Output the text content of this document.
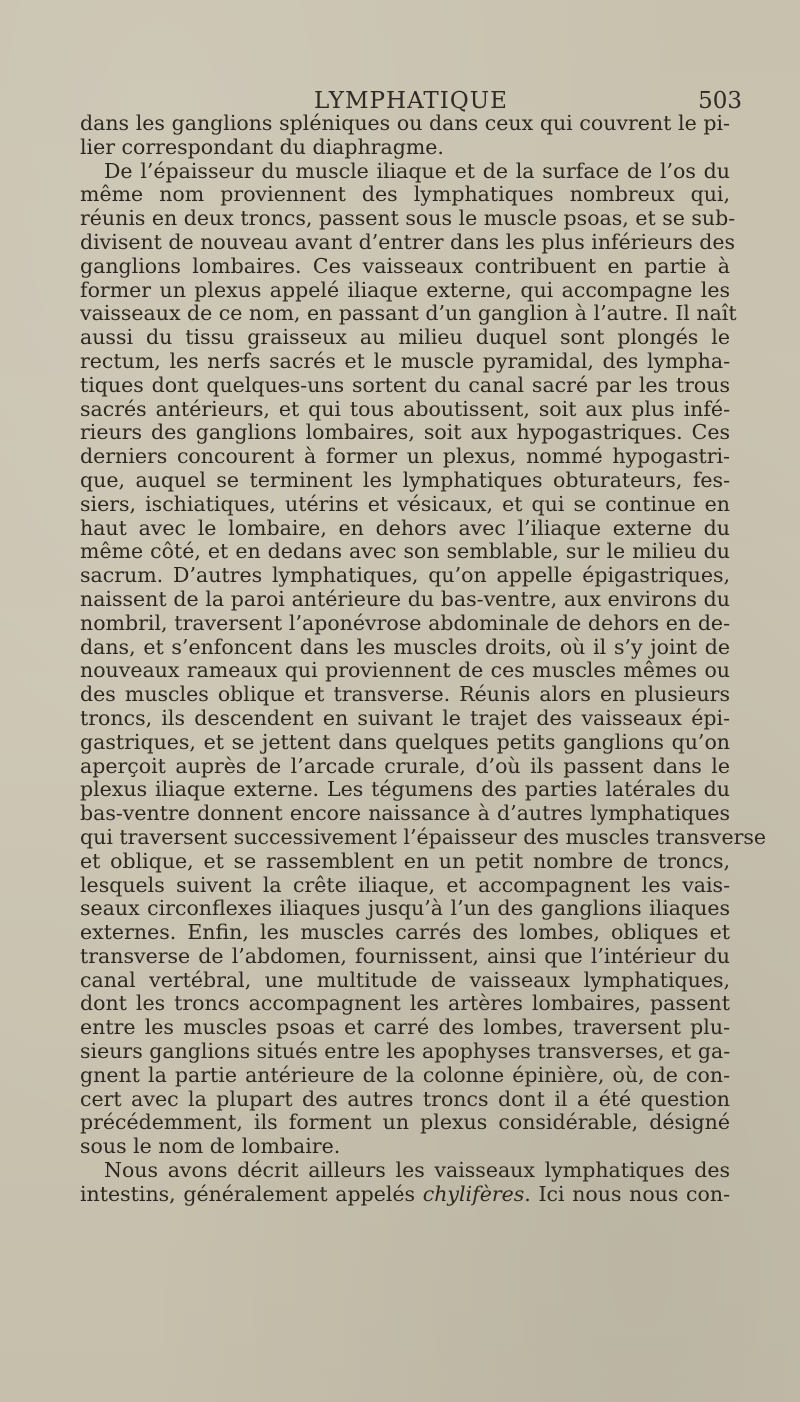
LYMPHATIQUE	503
dans les ganglions spléniques ou dans ceux qui couvrent le pi-
lier correspondant du diaphragme.
De l’épaisseur du muscle iliaque et de la surface de l’os du
même nom proviennent des lymphatiques nombreux qui,
réunis en deux troncs, passent sous le muscle psoas, et se sub-
divisent de nouveau avant d’entrer dans les plus inférieurs des
ganglions lombaires. Ces vaisseaux contribuent en partie à
former un plexus appelé iliaque externe, qui accompagne les
vaisseaux de ce nom, en passant d’un ganglion à l’autre. Il naît
aussi du tissu graisseux au milieu duquel sont plongés le
rectum, les nerfs sacrés et le muscle pyramidal, des lympha-
tiques dont quelques-uns sortent du canal sacré par les trous
sacrés antérieurs, et qui tous aboutissent, soit aux plus infé-
rieurs des ganglions lombaires, soit aux hypogastriques. Ces
derniers concourent à former un plexus, nommé hypogastri-
que, auquel se terminent les lymphatiques obturateurs, fes-
siers, ischiatiques, utérins et vésicaux, et qui se continue en
haut avec le lombaire, en dehors avec l’iliaque externe du
même côté, et en dedans avec son semblable, sur le milieu du
sacrum. D’autres lymphatiques, qu’on appelle épigastriques,
naissent de la paroi antérieure du bas-ventre, aux environs du
nombril, traversent l’aponévrose abdominale de dehors en de-
dans, et s’enfoncent dans les muscles droits, où il s’y joint de
nouveaux rameaux qui proviennent de ces muscles mêmes ou
des muscles oblique et transverse. Réunis alors en plusieurs
troncs, ils descendent en suivant le trajet des vaisseaux épi-
gastriques, et se jettent dans quelques petits ganglions qu’on
aperçoit auprès de l’arcade crurale, d’où ils passent dans le
plexus iliaque externe. Les tégumens des parties latérales du
bas-ventre donnent encore naissance à d’autres lymphatiques
qui traversent successivement l’épaisseur des muscles transverse
et oblique, et se rassemblent en un petit nombre de troncs,
lesquels suivent la crête iliaque, et accompagnent les vais-
seaux circonflexes iliaques jusqu’à l’un des ganglions iliaques
externes. Enfin, les muscles carrés des lombes, obliques et
transverse de l’abdomen, fournissent, ainsi que l’intérieur du
canal vertébral, une multitude de vaisseaux lymphatiques,
dont les troncs accompagnent les artères lombaires, passent
entre les muscles psoas et carré des lombes, traversent plu-
sieurs ganglions situés entre les apophyses transverses, et ga-
gnent la partie antérieure de la colonne épinière, où, de con-
cert avec la plupart des autres troncs dont il a été question
précédemment, ils forment un plexus considérable, désigné
sous le nom de lombaire.
Nous avons décrit ailleurs les vaisseaux lymphatiques des
intestins, généralement appelés chylifères. Ici nous nous con-
